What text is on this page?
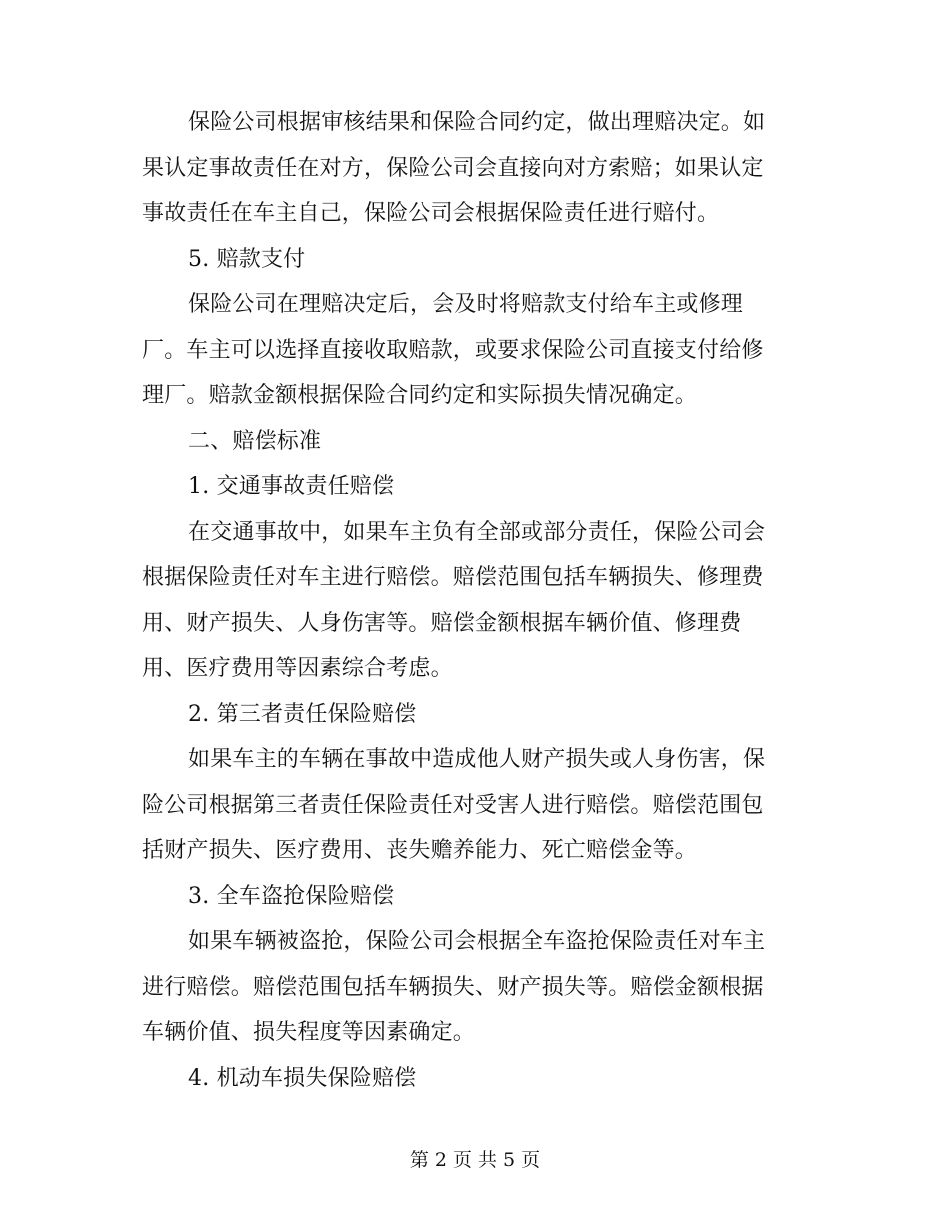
保险公司根据审核结果和保险合同约定，做出理赔决定。如
果认定事故责任在对方，保险公司会直接向对方索赔；如果认定
事故责任在车主自己，保险公司会根据保险责任进行赔付。
5. 赔款支付
保险公司在理赔决定后，会及时将赔款支付给车主或修理
厂。车主可以选择直接收取赔款，或要求保险公司直接支付给修
理厂。赔款金额根据保险合同约定和实际损失情况确定。
二、赔偿标准
1. 交通事故责任赔偿
在交通事故中，如果车主负有全部或部分责任，保险公司会
根据保险责任对车主进行赔偿。赔偿范围包括车辆损失、修理费
用、财产损失、人身伤害等。赔偿金额根据车辆价值、修理费
用、医疗费用等因素综合考虑。
2. 第三者责任保险赔偿
如果车主的车辆在事故中造成他人财产损失或人身伤害，保
险公司根据第三者责任保险责任对受害人进行赔偿。赔偿范围包
括财产损失、医疗费用、丧失赡养能力、死亡赔偿金等。
3. 全车盗抢保险赔偿
如果车辆被盗抢，保险公司会根据全车盗抢保险责任对车主
进行赔偿。赔偿范围包括车辆损失、财产损失等。赔偿金额根据
车辆价值、损失程度等因素确定。
4. 机动车损失保险赔偿
第 2 页 共 5 页
